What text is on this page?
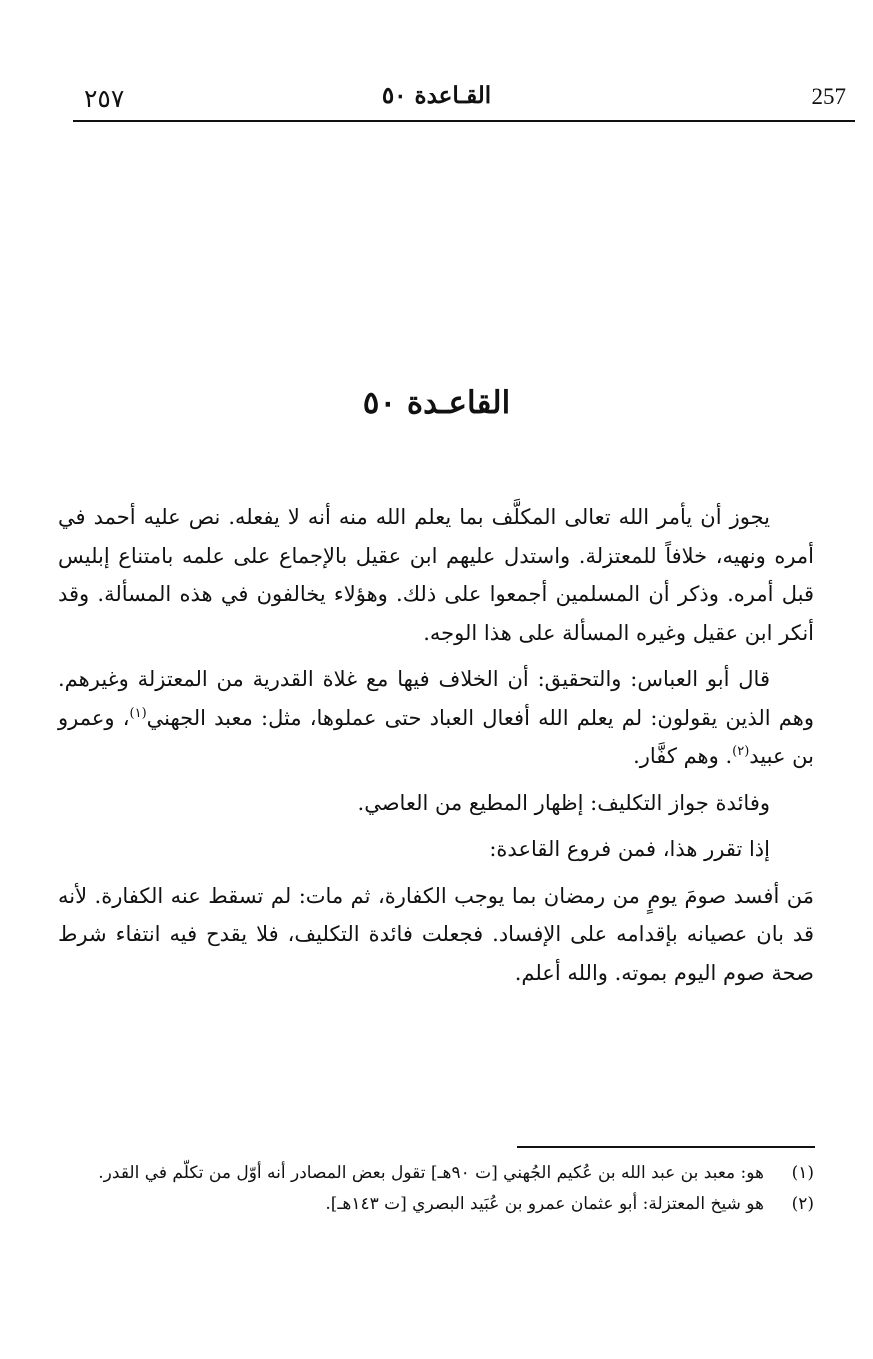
٢٥٧	القـاعدة ٥٠	257
القاعـدة ٥٠

يجوز أن يأمر الله تعالى المكلَّف بما يعلم الله منه أنه لا يفعله. نص عليه أحمد في أمره ونهيه، خلافاً للمعتزلة. واستدل عليهم ابن عقيل بالإجماع على علمه بامتناع إبليس قبل أمره. وذكر أن المسلمين أجمعوا على ذلك. وهؤلاء يخالفون في هذه المسألة. وقد أنكر ابن عقيل وغيره المسألة على هذا الوجه.

قال أبو العباس: والتحقيق: أن الخلاف فيها مع غلاة القدرية من المعتزلة وغيرهم. وهم الذين يقولون: لم يعلم الله أفعال العباد حتى عملوها، مثل: معبد الجهني$^{(١)}$، وعمرو بن عبيد$^{(٢)}$. وهم كفَّار.

وفائدة جواز التكليف: إظهار المطيع من العاصي.

إذا تقرر هذا، فمن فروع القاعدة:

مَن أفسد صومَ يومٍ من رمضان بما يوجب الكفارة، ثم مات: لم تسقط عنه الكفارة. لأنه قد بان عصيانه بإقدامه على الإفساد. فجعلت فائدة التكليف، فلا يقدح فيه انتفاء شرط صحة صوم اليوم بموته. والله أعلم.

(١)
هو: معبد بن عبد الله بن عُكيم الجُهني [ت ٩٠هـ] تقول بعض المصادر أنه أوّل من تكلّم في القدر.
(٢)
هو شيخ المعتزلة: أبو عثمان عمرو بن عُبَيد البصري [ت ١٤٣هـ].
